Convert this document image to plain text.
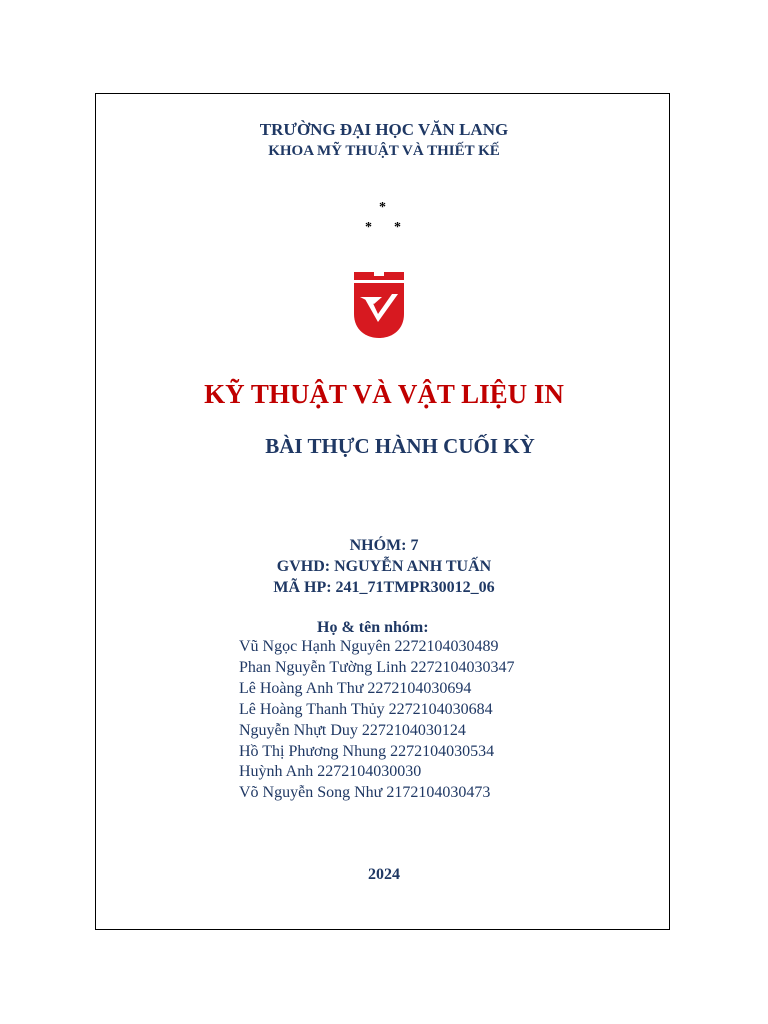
TRƯỜNG ĐẠI HỌC VĂN LANG
KHOA MỸ THUẬT VÀ THIẾT KẾ
*
* *
KỸ THUẬT VÀ VẬT LIỆU IN
BÀI THỰC HÀNH CUỐI KỲ
NHÓM: 7
GVHD: NGUYỄN ANH TUẤN
MÃ HP: 241_71TMPR30012_06
Họ & tên nhóm:
Vũ Ngọc Hạnh Nguyên 2272104030489
Phan Nguyễn Tường Linh 2272104030347
Lê Hoàng Anh Thư 2272104030694
Lê Hoàng Thanh Thủy 2272104030684
Nguyễn Nhựt Duy 2272104030124
Hồ Thị Phương Nhung 2272104030534
Huỳnh Anh 2272104030030
Võ Nguyễn Song Như 2172104030473
2024
